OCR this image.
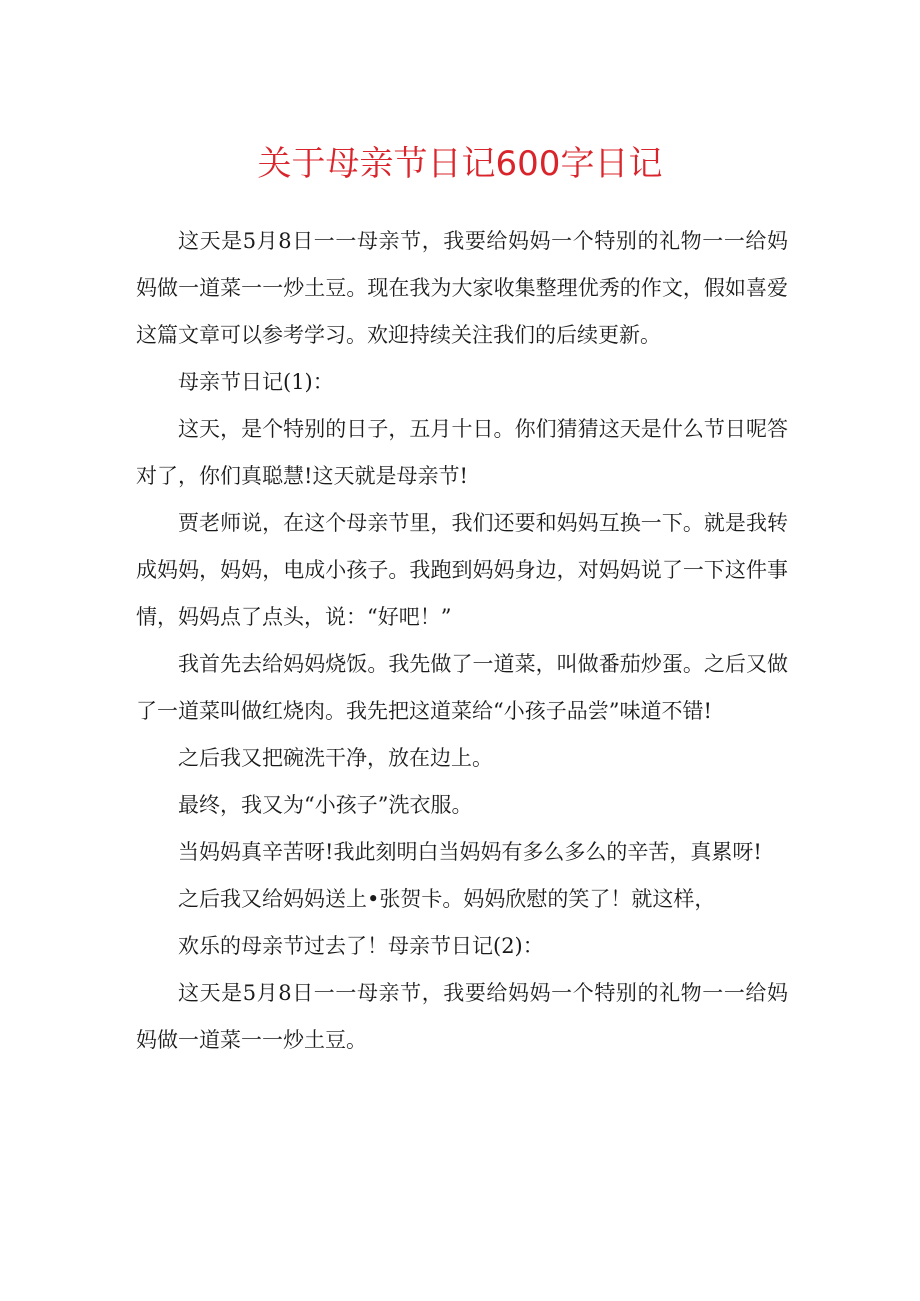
关于母亲节日记600字日记

这天是5月8日一一母亲节，我要给妈妈一个特别的礼物一一给妈妈做一道菜一一炒土豆。现在我为大家收集整理优秀的作文，假如喜爱这篇文章可以参考学习。欢迎持续关注我们的后续更新。

母亲节日记(1)：

这天，是个特别的日子，五月十日。你们猜猜这天是什么节日呢答对了，你们真聪慧!这天就是母亲节!

贾老师说，在这个母亲节里，我们还要和妈妈互换一下。就是我转成妈妈，妈妈，电成小孩子。我跑到妈妈身边，对妈妈说了一下这件事情，妈妈点了点头，说：“好吧！”

我首先去给妈妈烧饭。我先做了一道菜，叫做番茄炒蛋。之后又做了一道菜叫做红烧肉。我先把这道菜给“小孩子品尝”味道不错!

之后我又把碗洗干净，放在边上。

最终，我又为“小孩子”洗衣服。

当妈妈真辛苦呀!我此刻明白当妈妈有多么多么的辛苦，真累呀!

之后我又给妈妈送上•张贺卡。妈妈欣慰的笑了！就这样，

欢乐的母亲节过去了！母亲节日记(2)：

这天是5月8日一一母亲节，我要给妈妈一个特别的礼物一一给妈妈做一道菜一一炒土豆。
